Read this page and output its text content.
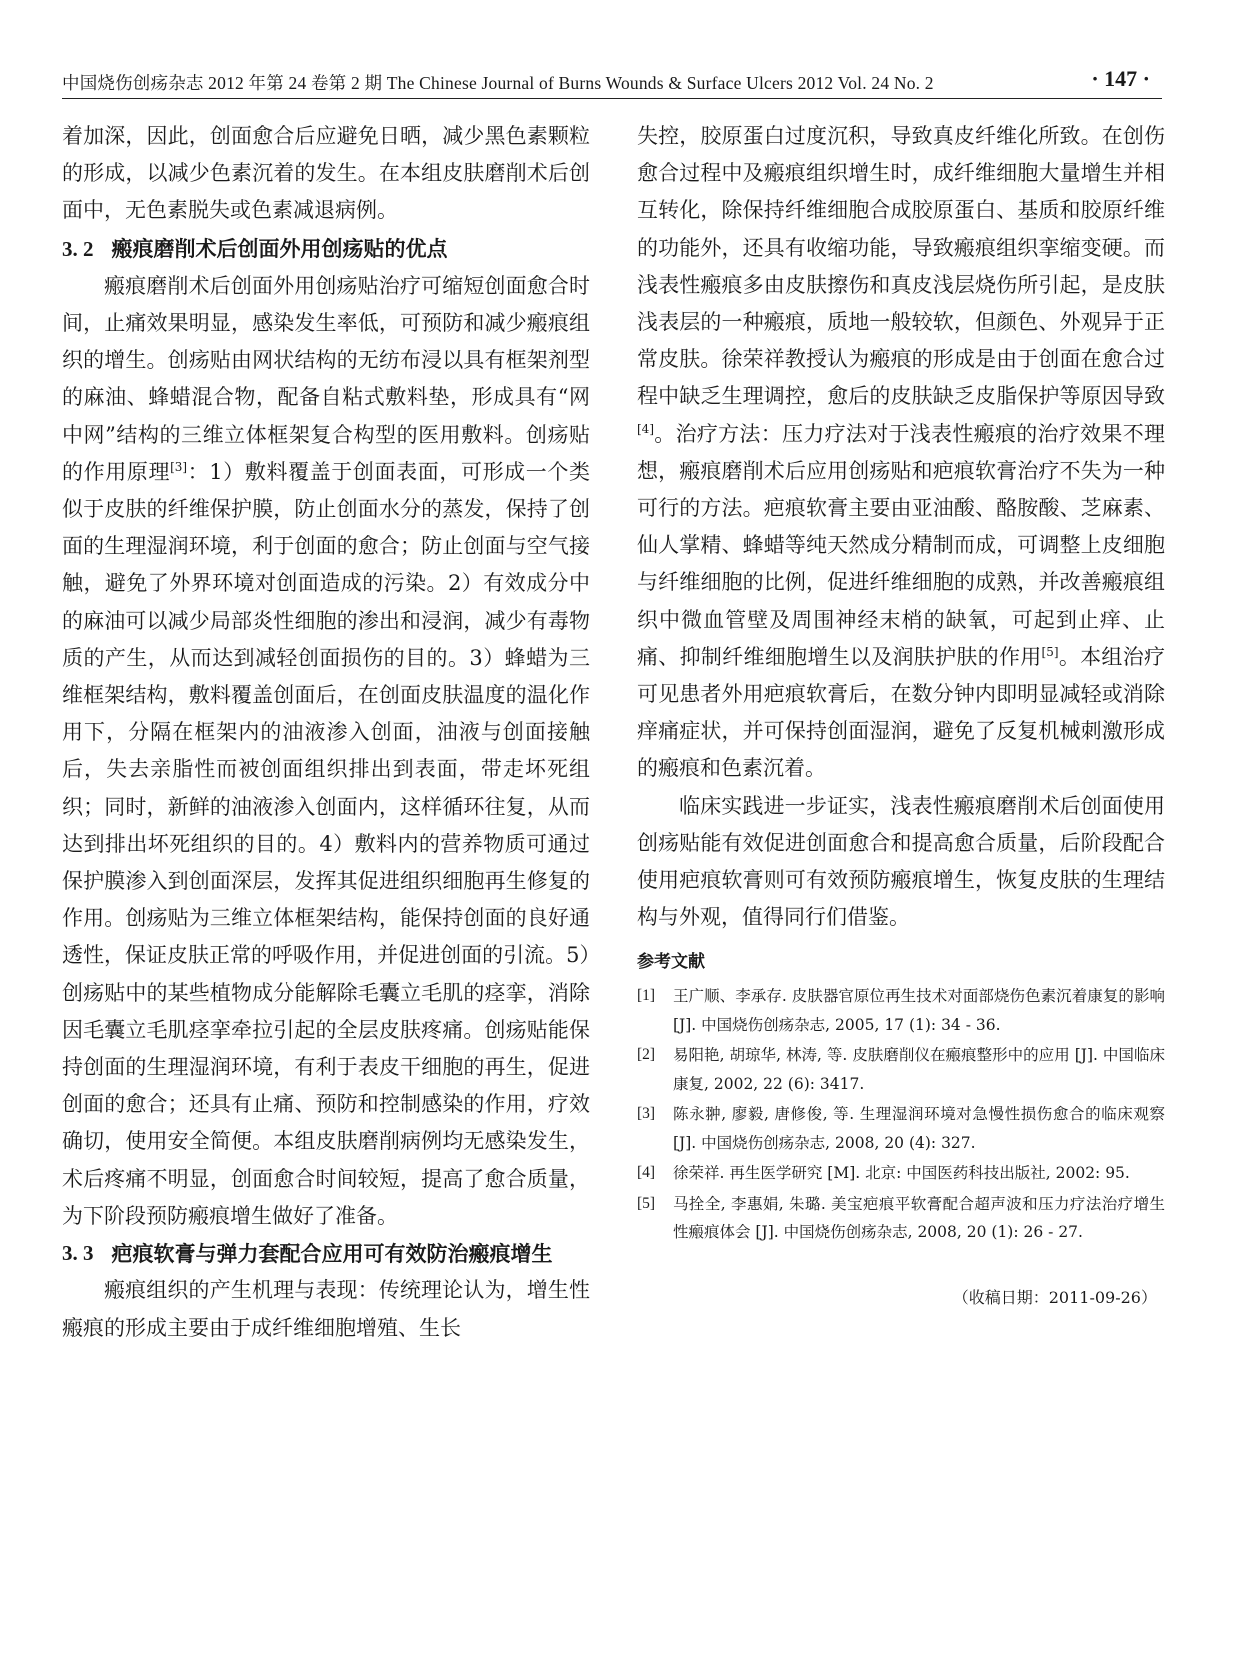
中国烧伤创疡杂志 2012 年第 24 卷第 2 期 The Chinese Journal of Burns Wounds & Surface Ulcers 2012 Vol. 24 No. 2	· 147 ·

着加深，因此，创面愈合后应避免日晒，减少黑色素颗粒的形成，以减少色素沉着的发生。在本组皮肤磨削术后创面中，无色素脱失或色素减退病例。

3. 2 瘢痕磨削术后创面外用创疡贴的优点

瘢痕磨削术后创面外用创疡贴治疗可缩短创面愈合时间，止痛效果明显，感染发生率低，可预防和减少瘢痕组织的增生。创疡贴由网状结构的无纺布浸以具有框架剂型的麻油、蜂蜡混合物，配备自粘式敷料垫，形成具有“网中网”结构的三维立体框架复合构型的医用敷料。创疡贴的作用原理[3]：1）敷料覆盖于创面表面，可形成一个类似于皮肤的纤维保护膜，防止创面水分的蒸发，保持了创面的生理湿润环境，利于创面的愈合；防止创面与空气接触，避免了外界环境对创面造成的污染。2）有效成分中的麻油可以减少局部炎性细胞的渗出和浸润，减少有毒物质的产生，从而达到减轻创面损伤的目的。3）蜂蜡为三维框架结构，敷料覆盖创面后，在创面皮肤温度的温化作用下，分隔在框架内的油液渗入创面，油液与创面接触后，失去亲脂性而被创面组织排出到表面，带走坏死组织；同时，新鲜的油液渗入创面内，这样循环往复，从而达到排出坏死组织的目的。4）敷料内的营养物质可通过保护膜渗入到创面深层，发挥其促进组织细胞再生修复的作用。创疡贴为三维立体框架结构，能保持创面的良好通透性，保证皮肤正常的呼吸作用，并促进创面的引流。5）创疡贴中的某些植物成分能解除毛囊立毛肌的痉挛，消除因毛囊立毛肌痉挛牵拉引起的全层皮肤疼痛。创疡贴能保持创面的生理湿润环境，有利于表皮干细胞的再生，促进创面的愈合；还具有止痛、预防和控制感染的作用，疗效确切，使用安全简便。本组皮肤磨削病例均无感染发生，术后疼痛不明显，创面愈合时间较短，提高了愈合质量，为下阶段预防瘢痕增生做好了准备。

3. 3 疤痕软膏与弹力套配合应用可有效防治瘢痕增生

瘢痕组织的产生机理与表现：传统理论认为，增生性瘢痕的形成主要由于成纤维细胞增殖、生长

失控，胶原蛋白过度沉积，导致真皮纤维化所致。在创伤愈合过程中及瘢痕组织增生时，成纤维细胞大量增生并相互转化，除保持纤维细胞合成胶原蛋白、基质和胶原纤维的功能外，还具有收缩功能，导致瘢痕组织挛缩变硬。而浅表性瘢痕多由皮肤擦伤和真皮浅层烧伤所引起，是皮肤浅表层的一种瘢痕，质地一般较软，但颜色、外观异于正常皮肤。徐荣祥教授认为瘢痕的形成是由于创面在愈合过程中缺乏生理调控，愈后的皮肤缺乏皮脂保护等原因导致[4]。治疗方法：压力疗法对于浅表性瘢痕的治疗效果不理想，瘢痕磨削术后应用创疡贴和疤痕软膏治疗不失为一种可行的方法。疤痕软膏主要由亚油酸、酪胺酸、芝麻素、仙人掌精、蜂蜡等纯天然成分精制而成，可调整上皮细胞与纤维细胞的比例，促进纤维细胞的成熟，并改善瘢痕组织中微血管壁及周围神经末梢的缺氧，可起到止痒、止痛、抑制纤维细胞增生以及润肤护肤的作用[5]。本组治疗可见患者外用疤痕软膏后，在数分钟内即明显减轻或消除痒痛症状，并可保持创面湿润，避免了反复机械刺激形成的瘢痕和色素沉着。

临床实践进一步证实，浅表性瘢痕磨削术后创面使用创疡贴能有效促进创面愈合和提高愈合质量，后阶段配合使用疤痕软膏则可有效预防瘢痕增生，恢复皮肤的生理结构与外观，值得同行们借鉴。

参考文献
[1]	王广顺、李承存. 皮肤器官原位再生技术对面部烧伤色素沉着康复的影响 [J]. 中国烧伤创疡杂志, 2005, 17 (1): 34 - 36.
[2]	易阳艳, 胡琼华, 林涛, 等. 皮肤磨削仪在瘢痕整形中的应用 [J]. 中国临床康复, 2002, 22 (6): 3417.
[3]	陈永翀, 廖毅, 唐修俊, 等. 生理湿润环境对急慢性损伤愈合的临床观察 [J]. 中国烧伤创疡杂志, 2008, 20 (4): 327.
[4]	徐荣祥. 再生医学研究 [M]. 北京: 中国医药科技出版社, 2002: 95.
[5]	马拴全, 李惠娟, 朱璐. 美宝疤痕平软膏配合超声波和压力疗法治疗增生性瘢痕体会 [J]. 中国烧伤创疡杂志, 2008, 20 (1): 26 - 27.
（收稿日期：2011-09-26）
